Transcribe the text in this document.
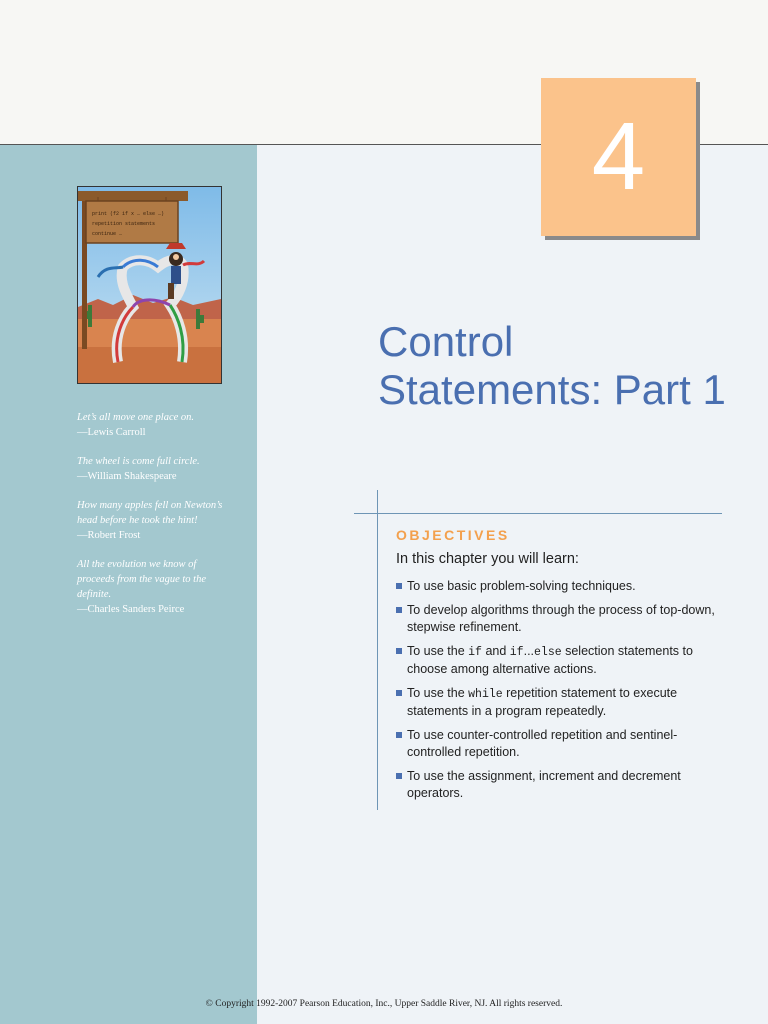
4
print (f2 if x … else …)
repetition statements
continue …
Let’s all move one place on.
—Lewis Carroll
The wheel is come full circle.
—William Shakespeare
How many apples fell on Newton’s head before he took the hint!
—Robert Frost
All the evolution we know of proceeds from the vague to the definite.
—Charles Sanders Peirce
Control
Statements: Part 1
OBJECTIVES
In this chapter you will learn:
To use basic problem-solving techniques.
To develop algorithms through the process of top-down, stepwise refinement.
To use the if and if...else selection statements to choose among alternative actions.
To use the while repetition statement to execute statements in a program repeatedly.
To use counter-controlled repetition and sentinel-controlled repetition.
To use the assignment, increment and decrement operators.
© Copyright 1992-2007 Pearson Education, Inc., Upper Saddle River, NJ. All rights reserved.
